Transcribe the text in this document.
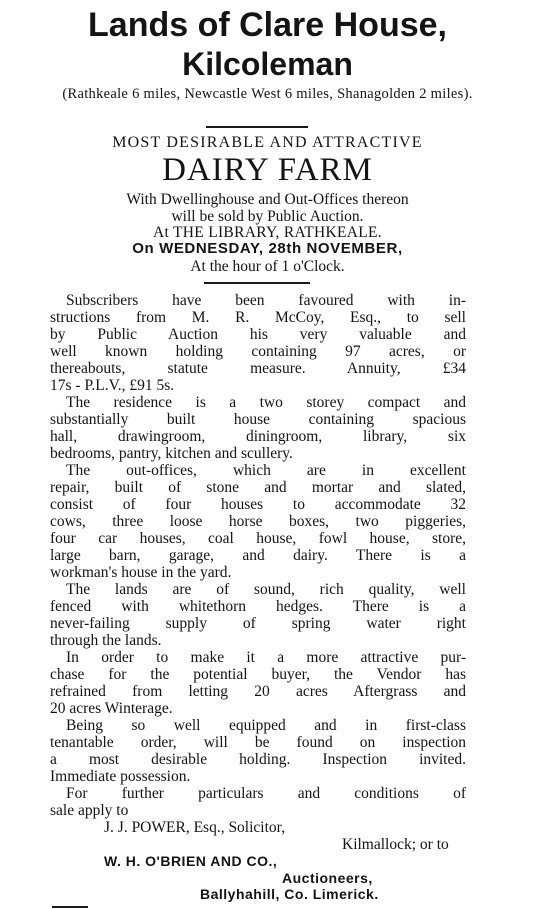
Lands of Clare House,
Kilcoleman
(Rathkeale 6 miles, Newcastle West 6 miles, Shanagolden 2 miles).
MOST DESIRABLE AND ATTRACTIVE
DAIRY FARM
With Dwellinghouse and Out-Offices thereon
will be sold by Public Auction.
At THE LIBRARY, RATHKEALE.
On WEDNESDAY, 28th NOVEMBER,
At the hour of 1 o'Clock.
Subscribers have been favoured with in-
structions from M. R. McCoy, Esq., to sell
by Public Auction his very valuable and
well known holding containing 97 acres, or
thereabouts, statute measure. Annuity, £34
17s - P.L.V., £91 5s.
The residence is a two storey compact and
substantially built house containing spacious
hall, drawingroom, diningroom, library, six
bedrooms, pantry, kitchen and scullery.
The out-offices, which are in excellent
repair, built of stone and mortar and slated,
consist of four houses to accommodate 32
cows, three loose horse boxes, two piggeries,
four car houses, coal house, fowl house, store,
large barn, garage, and dairy. There is a
workman's house in the yard.
The lands are of sound, rich quality, well
fenced with whitethorn hedges. There is a
never-failing supply of spring water right
through the lands.
In order to make it a more attractive pur-
chase for the potential buyer, the Vendor has
refrained from letting 20 acres Aftergrass and
20 acres Winterage.
Being so well equipped and in first-class
tenantable order, will be found on inspection
a most desirable holding. Inspection invited.
Immediate possession.
For further particulars and conditions of
sale apply to
J. J. POWER, Esq., Solicitor,
Kilmallock; or to
W. H. O'BRIEN AND CO.,
Auctioneers,
Ballyhahill, Co. Limerick.
